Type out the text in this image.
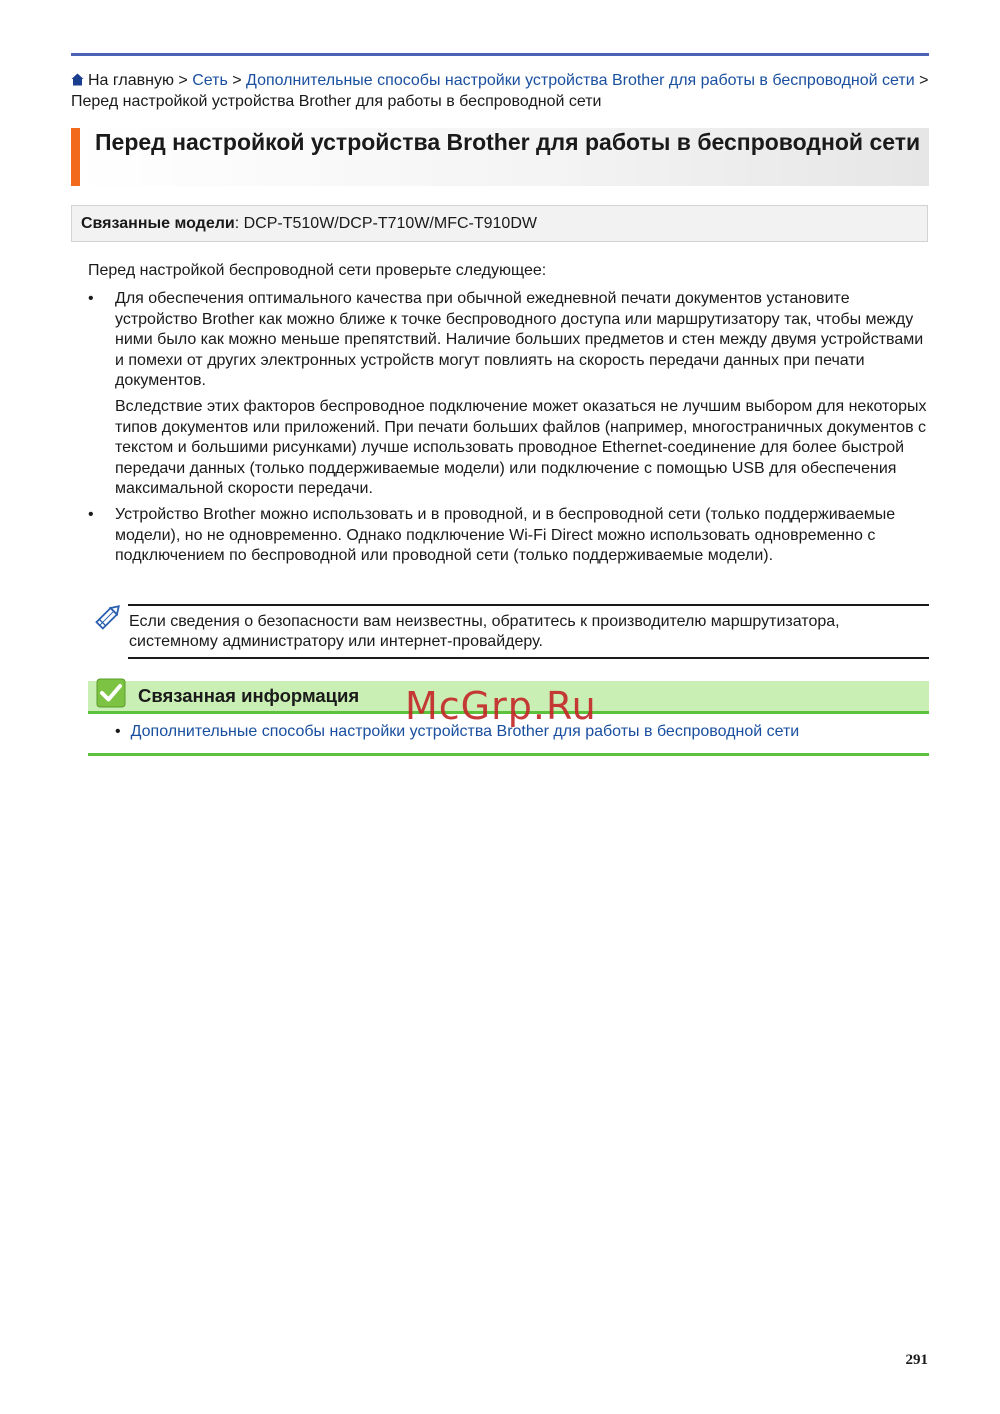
На главную > Сеть > Дополнительные способы настройки устройства Brother для работы в беспроводной сети > Перед настройкой устройства Brother для работы в беспроводной сети
Перед настройкой устройства Brother для работы в беспроводной сети
Связанные модели: DCP-T510W/DCP-T710W/MFC-T910DW

Перед настройкой беспроводной сети проверьте следующее:

• Для обеспечения оптимального качества при обычной ежедневной печати документов установите устройство Brother как можно ближе к точке беспроводного доступа или маршрутизатору так, чтобы между ними было как можно меньше препятствий. Наличие больших предметов и стен между двумя устройствами и помехи от других электронных устройств могут повлиять на скорость передачи данных при печати документов.

Вследствие этих факторов беспроводное подключение может оказаться не лучшим выбором для некоторых типов документов или приложений. При печати больших файлов (например, многостраничных документов с текстом и большими рисунками) лучше использовать проводное Ethernet-соединение для более быстрой передачи данных (только поддерживаемые модели) или подключение с помощью USB для обеспечения максимальной скорости передачи.

• Устройство Brother можно использовать и в проводной, и в беспроводной сети (только поддерживаемые модели), но не одновременно. Однако подключение Wi-Fi Direct можно использовать одновременно с подключением по беспроводной или проводной сети (только поддерживаемые модели).

Если сведения о безопасности вам неизвестны, обратитесь к производителю маршрутизатора, системному администратору или интернет-провайдеру.
Связанная информация
• Дополнительные способы настройки устройства Brother для работы в беспроводной сети
McGrp.Ru
291
